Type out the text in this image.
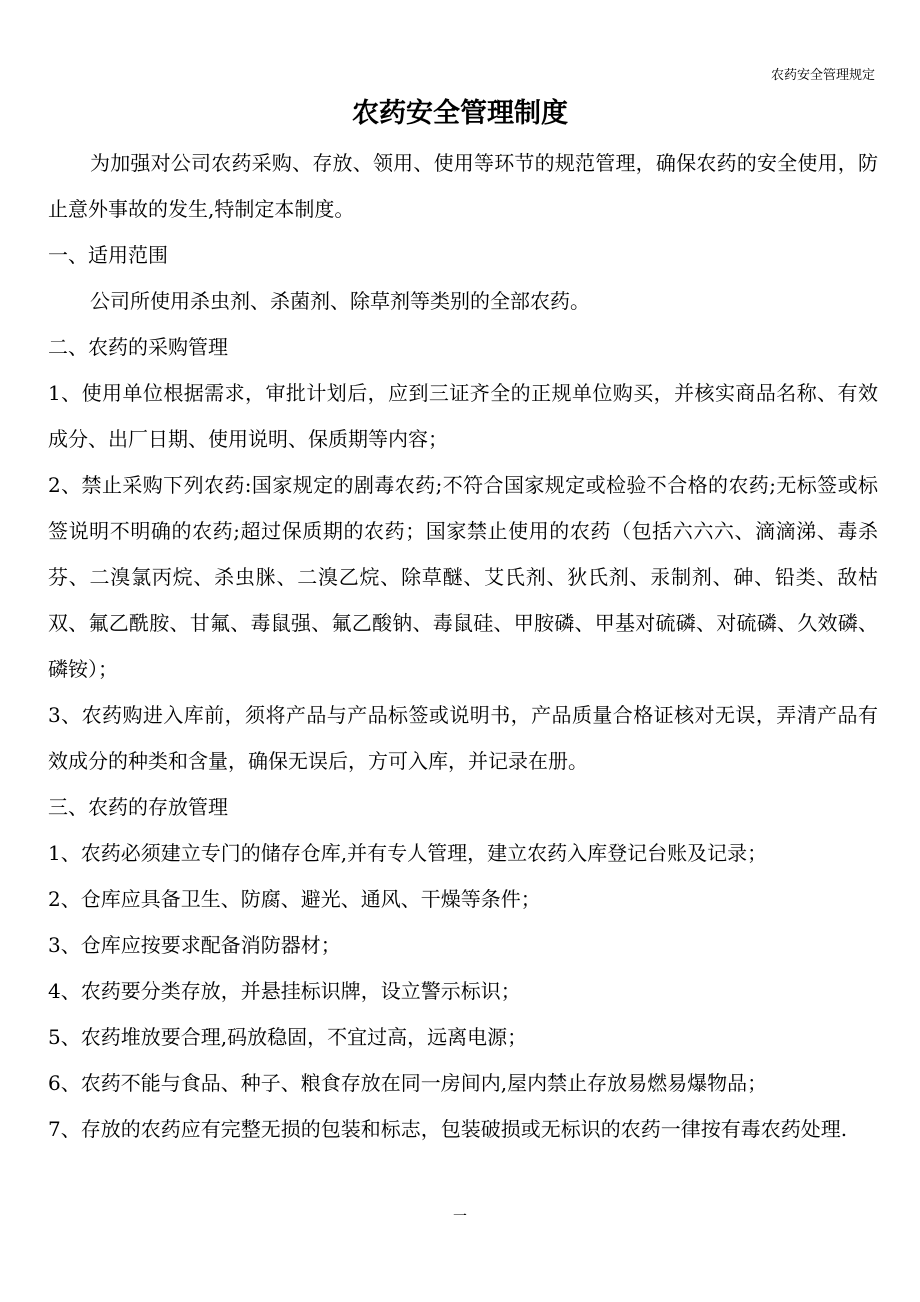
农药安全管理规定
农药安全管理制度

为加强对公司农药采购、存放、领用、使用等环节的规范管理，确保农药的安全使用，防止意外事故的发生,特制定本制度。

一、适用范围

公司所使用杀虫剂、杀菌剂、除草剂等类别的全部农药。

二、农药的采购管理

1、使用单位根据需求，审批计划后，应到三证齐全的正规单位购买，并核实商品名称、有效成分、出厂日期、使用说明、保质期等内容；

2、禁止采购下列农药:国家规定的剧毒农药;不符合国家规定或检验不合格的农药;无标签或标签说明不明确的农药;超过保质期的农药；国家禁止使用的农药（包括六六六、滴滴涕、毒杀芬、二溴氯丙烷、杀虫脒、二溴乙烷、除草醚、艾氏剂、狄氏剂、汞制剂、砷、铅类、敌枯双、氟乙酰胺、甘氟、毒鼠强、氟乙酸钠、毒鼠硅、甲胺磷、甲基对硫磷、对硫磷、久效磷、磷铵）；

3、农药购进入库前，须将产品与产品标签或说明书，产品质量合格证核对无误，弄清产品有效成分的种类和含量，确保无误后，方可入库，并记录在册。

三、农药的存放管理

1、农药必须建立专门的储存仓库,并有专人管理，建立农药入库登记台账及记录；

2、仓库应具备卫生、防腐、避光、通风、干燥等条件；

3、仓库应按要求配备消防器材；

4、农药要分类存放，并悬挂标识牌，设立警示标识；

5、农药堆放要合理,码放稳固，不宜过高，远离电源；

6、农药不能与食品、种子、粮食存放在同一房间内,屋内禁止存放易燃易爆物品；

7、存放的农药应有完整无损的包装和标志，包装破损或无标识的农药一律按有毒农药处理.

一
